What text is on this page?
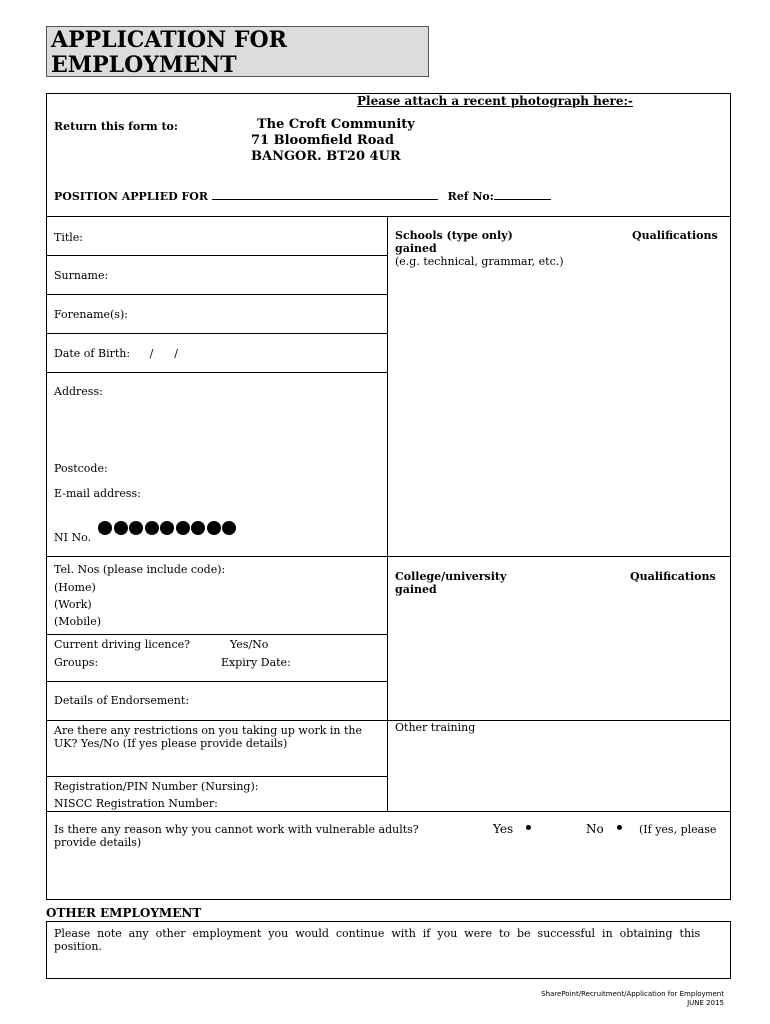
APPLICATION FOR
EMPLOYMENT
Please attach a recent photograph here:-
Return this form to:	The Croft Community
71 Bloomfield Road
BANGOR. BT20 4UR
POSITION APPLIED FOR	Ref No:
Title:
Surname:
Forename(s):
Date of Birth: /      /
Address:
Postcode:
E-mail address:
NI No.
Tel. Nos (please include code):
(Home)
(Work)
(Mobile)
Current driving licence?	Yes/No
Groups:	Expiry Date:
Details of Endorsement:
Are there any restrictions on you taking up work in the
UK? Yes/No (If yes please provide details)
Registration/PIN Number (Nursing):
NISCC Registration Number:
Schools (type only)	Qualifications
gained
(e.g. technical, grammar, etc.)
College/university	Qualifications
gained
Other training
Is there any reason why you cannot work with vulnerable adults?	Yes	No	(If yes, please
provide details)
OTHER EMPLOYMENT
Please  note  any  other  employment  you  would  continue  with  if  you  were  to  be  successful  in  obtaining  this
position.
SharePoint/Recruitment/Application for Employment
JUNE 2015
